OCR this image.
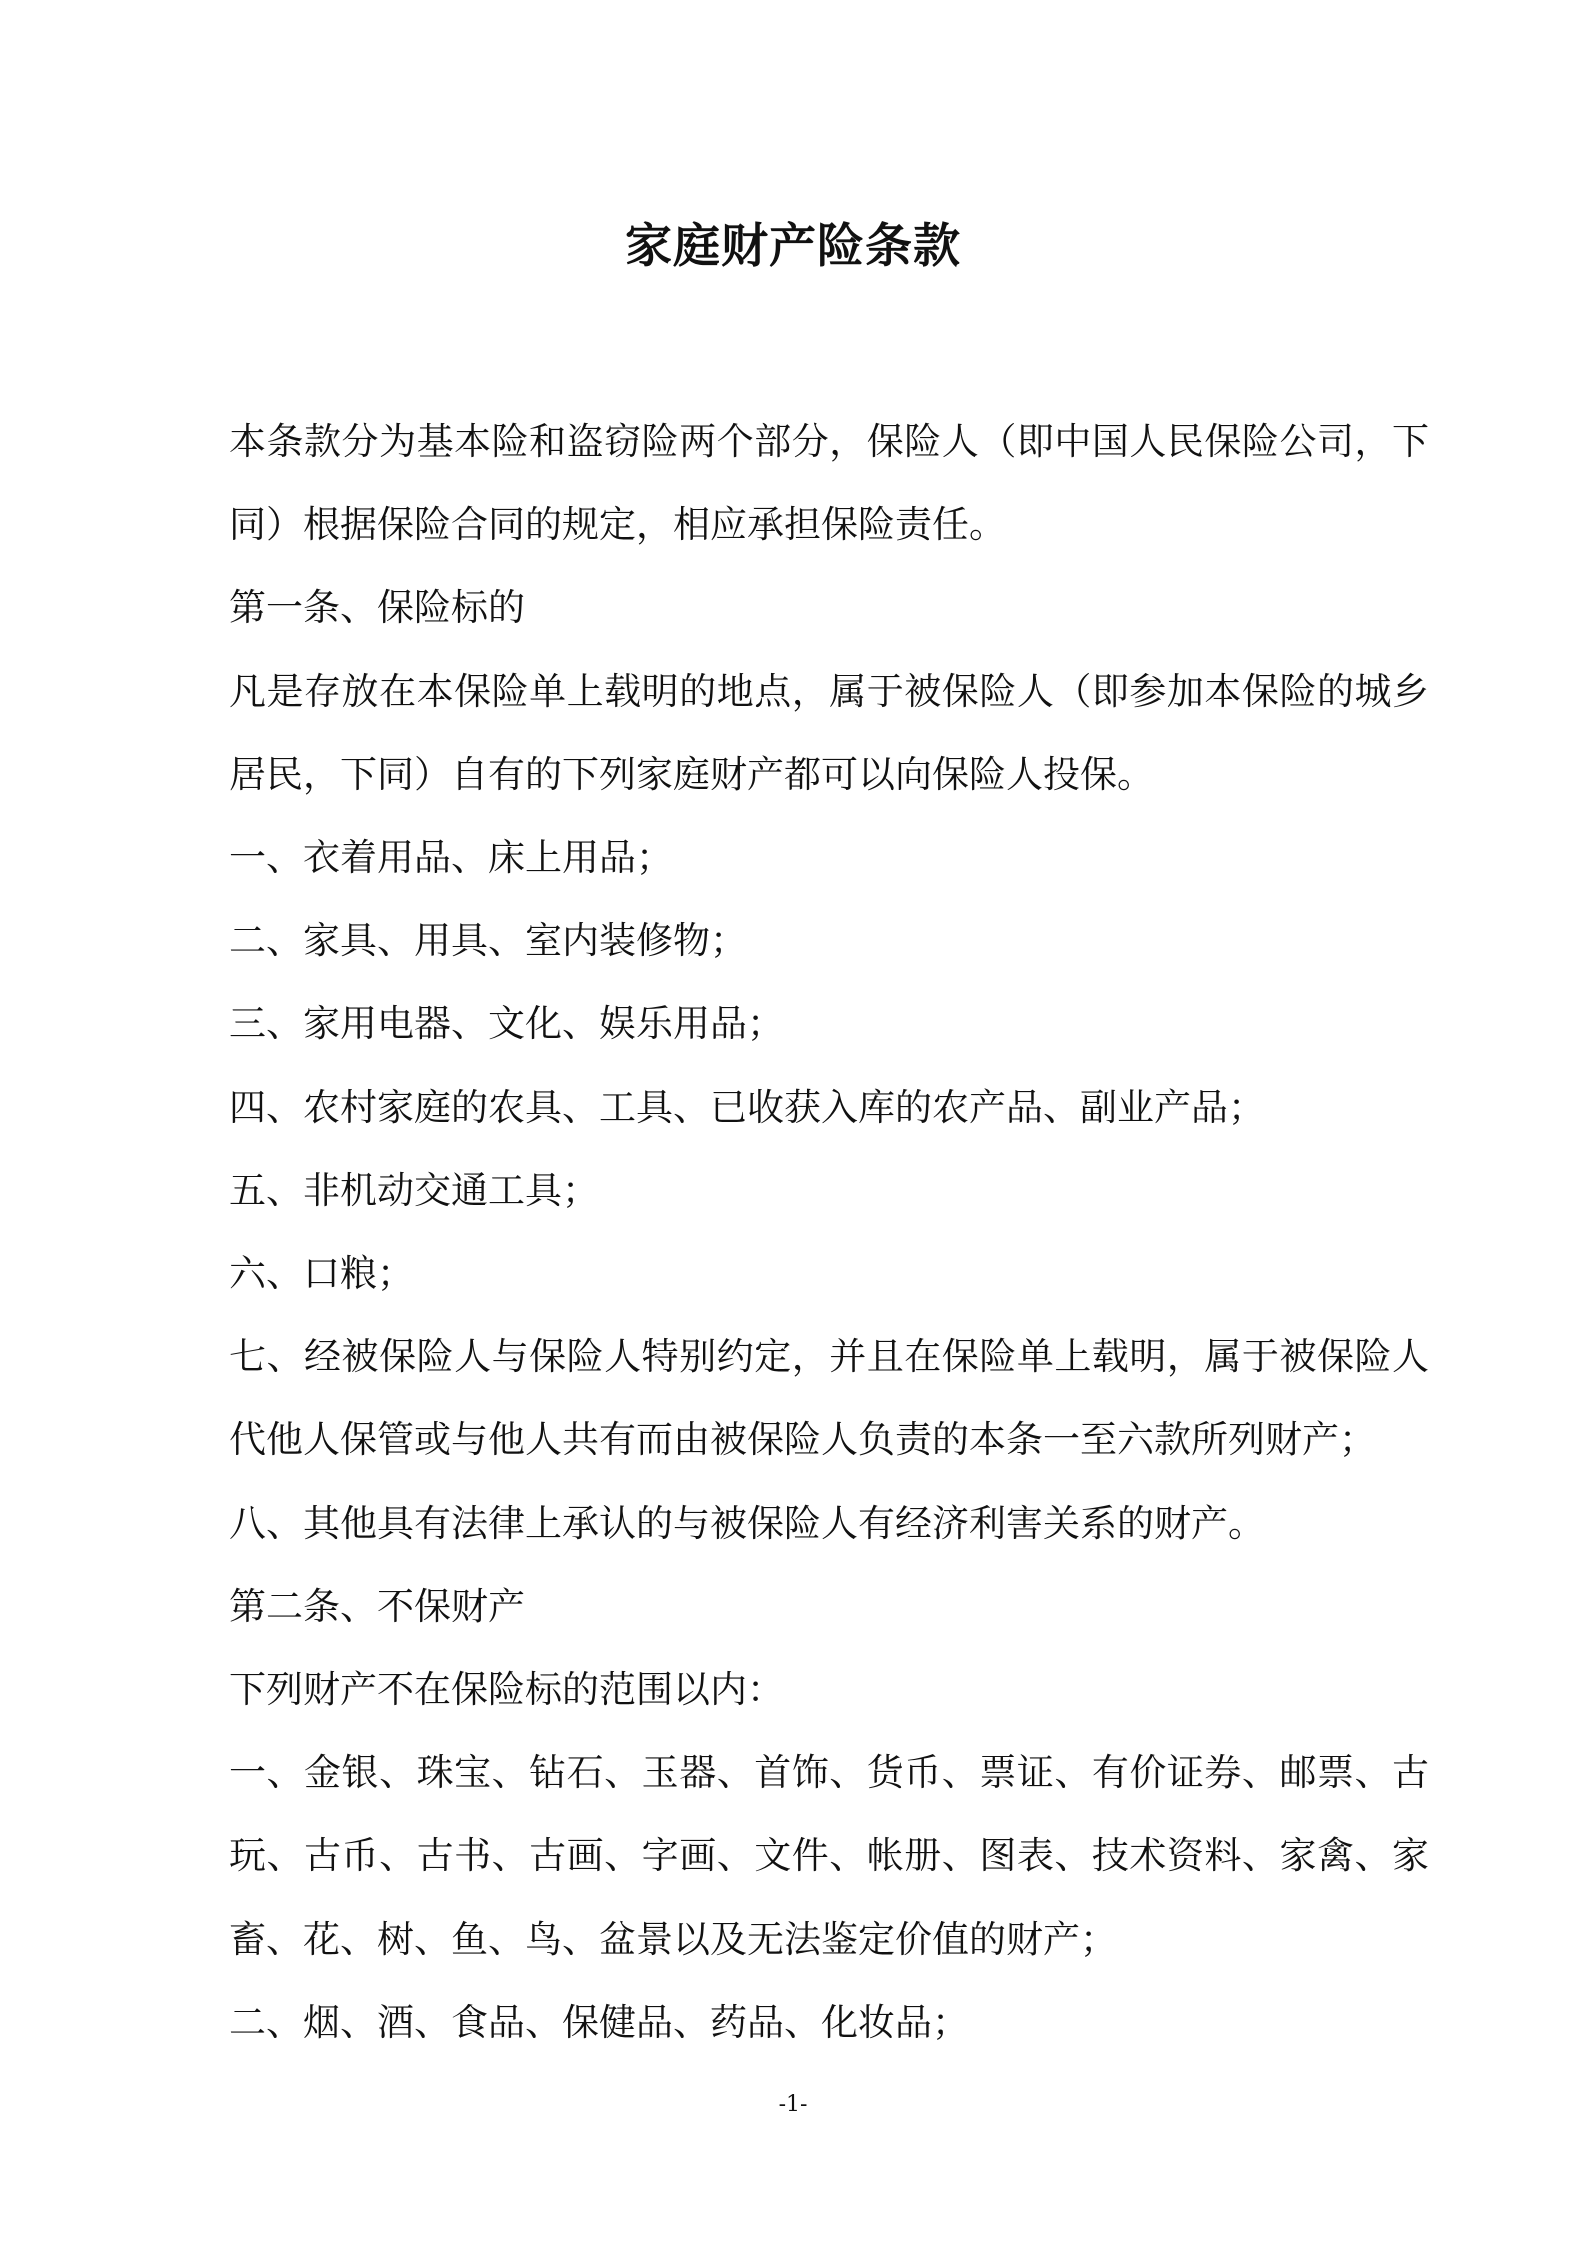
家庭财产险条款

本条款分为基本险和盗窃险两个部分，保险人（即中国人民保险公司，下同）根据保险合同的规定，相应承担保险责任。

第一条、保险标的

凡是存放在本保险单上载明的地点，属于被保险人（即参加本保险的城乡居民，下同）自有的下列家庭财产都可以向保险人投保。

一、衣着用品、床上用品；

二、家具、用具、室内装修物；

三、家用电器、文化、娱乐用品；

四、农村家庭的农具、工具、已收获入库的农产品、副业产品；

五、非机动交通工具；

六、口粮；

七、经被保险人与保险人特别约定，并且在保险单上载明，属于被保险人代他人保管或与他人共有而由被保险人负责的本条一至六款所列财产；

八、其他具有法律上承认的与被保险人有经济利害关系的财产。

第二条、不保财产

下列财产不在保险标的范围以内：

一、金银、珠宝、钻石、玉器、首饰、货币、票证、有价证券、邮票、古玩、古币、古书、古画、字画、文件、帐册、图表、技术资料、家禽、家畜、花、树、鱼、鸟、盆景以及无法鉴定价值的财产；

二、烟、酒、食品、保健品、药品、化妆品；

-1-
